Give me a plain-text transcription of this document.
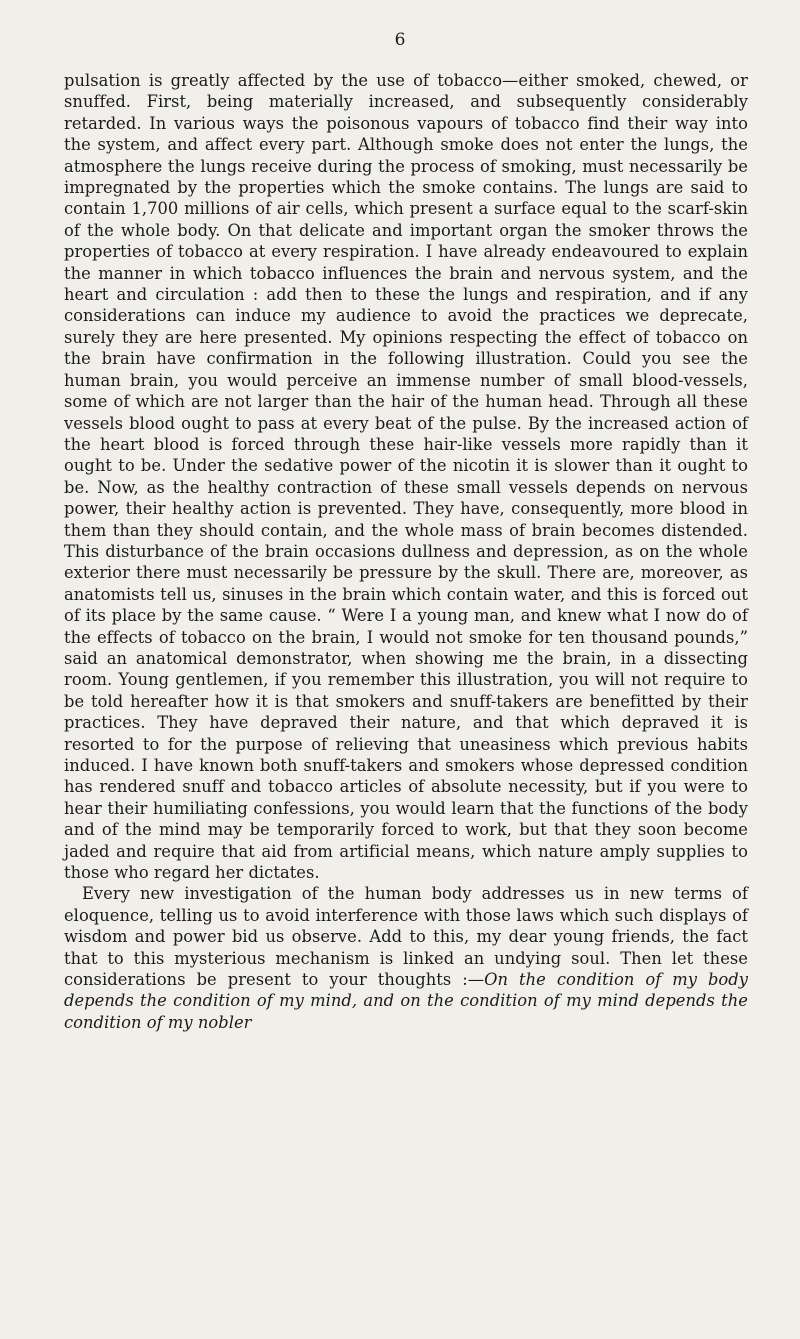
6

pulsation is greatly affected by the use of tobacco—either smoked, chewed, or snuffed. First, being materially increased, and subsequently considerably retarded. In various ways the poisonous vapours of tobacco find their way into the system, and affect every part. Although smoke does not enter the lungs, the atmosphere the lungs receive during the process of smoking, must necessarily be impregnated by the properties which the smoke contains. The lungs are said to contain 1,700 millions of air cells, which present a surface equal to the scarf-skin of the whole body. On that delicate and important organ the smoker throws the properties of tobacco at every respiration. I have already endeavoured to explain the manner in which tobacco influences the brain and nervous system, and the heart and circulation : add then to these the lungs and respiration, and if any considerations can induce my audience to avoid the practices we deprecate, surely they are here presented. My opinions respecting the effect of tobacco on the brain have confirmation in the following illustration. Could you see the human brain, you would perceive an immense number of small blood-vessels, some of which are not larger than the hair of the human head. Through all these vessels blood ought to pass at every beat of the pulse. By the increased action of the heart blood is forced through these hair-like vessels more rapidly than it ought to be. Under the sedative power of the nicotin it is slower than it ought to be. Now, as the healthy contraction of these small vessels depends on nervous power, their healthy action is prevented. They have, consequently, more blood in them than they should contain, and the whole mass of brain becomes distended. This disturbance of the brain occasions dullness and depression, as on the whole exterior there must necessarily be pressure by the skull. There are, moreover, as anatomists tell us, sinuses in the brain which contain water, and this is forced out of its place by the same cause. “ Were I a young man, and knew what I now do of the effects of tobacco on the brain, I would not smoke for ten thousand pounds,” said an anatomical demonstrator, when showing me the brain, in a dissecting room. Young gentlemen, if you remember this illustration, you will not require to be told hereafter how it is that smokers and snuff-takers are benefitted by their practices. They have depraved their nature, and that which depraved it is resorted to for the purpose of relieving that uneasiness which previous habits induced. I have known both snuff-takers and smokers whose depressed condition has rendered snuff and tobacco articles of absolute necessity, but if you were to hear their humiliating confessions, you would learn that the functions of the body and of the mind may be temporarily forced to work, but that they soon become jaded and require that aid from artificial means, which nature amply supplies to those who regard her dictates.

Every new investigation of the human body addresses us in new terms of eloquence, telling us to avoid interference with those laws which such displays of wisdom and power bid us observe. Add to this, my dear young friends, the fact that to this mysterious mechanism is linked an undying soul. Then let these considerations be present to your thoughts :—On the condition of my body depends the condition of my mind, and on the condition of my mind depends the condition of my nobler
